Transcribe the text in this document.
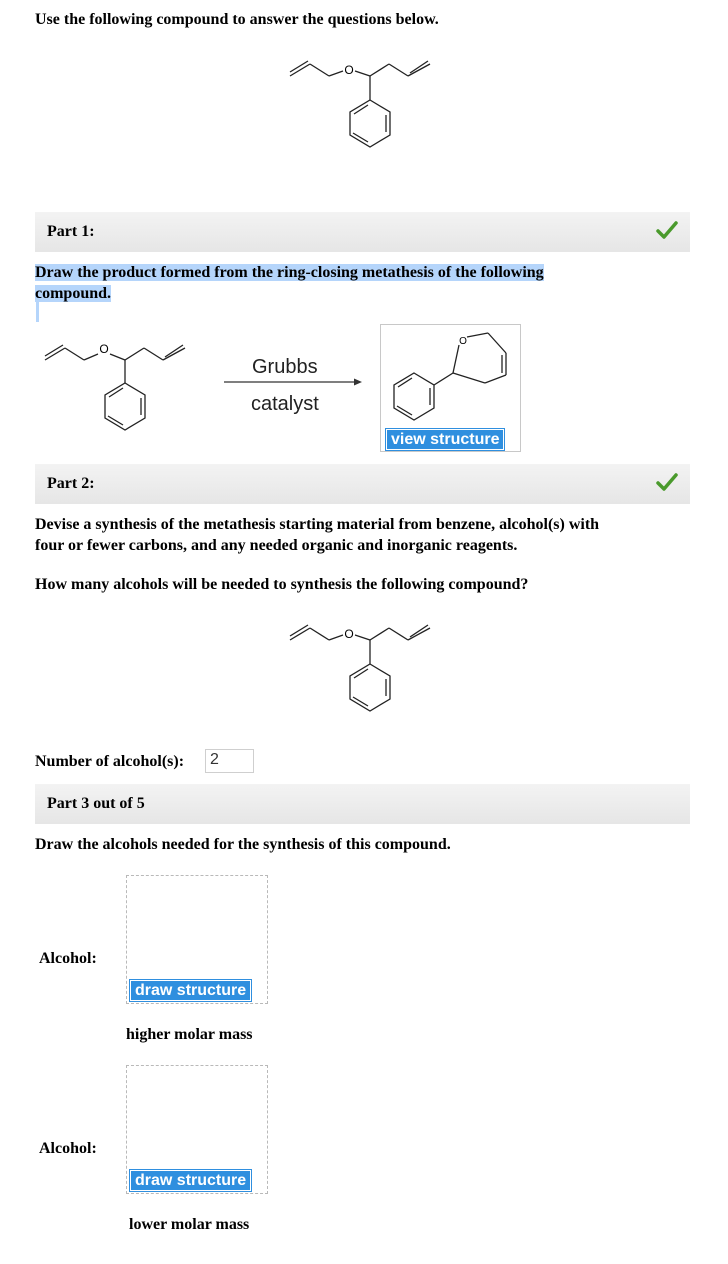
Use the following compound to answer the questions below.
O
Part 1:
Draw the product formed from the ring-closing metathesis of the following
compound.
O
Grubbs
catalyst
O
view structure
Part 2:
Devise a synthesis of the metathesis starting material from benzene, alcohol(s) with
four or fewer carbons, and any needed organic and inorganic reagents.
How many alcohols will be needed to synthesis the following compound?
O
Number of alcohol(s):	2
Part 3 out of 5
Draw the alcohols needed for the synthesis of this compound.
Alcohol:
draw structure
higher molar mass
Alcohol:
draw structure
lower molar mass
